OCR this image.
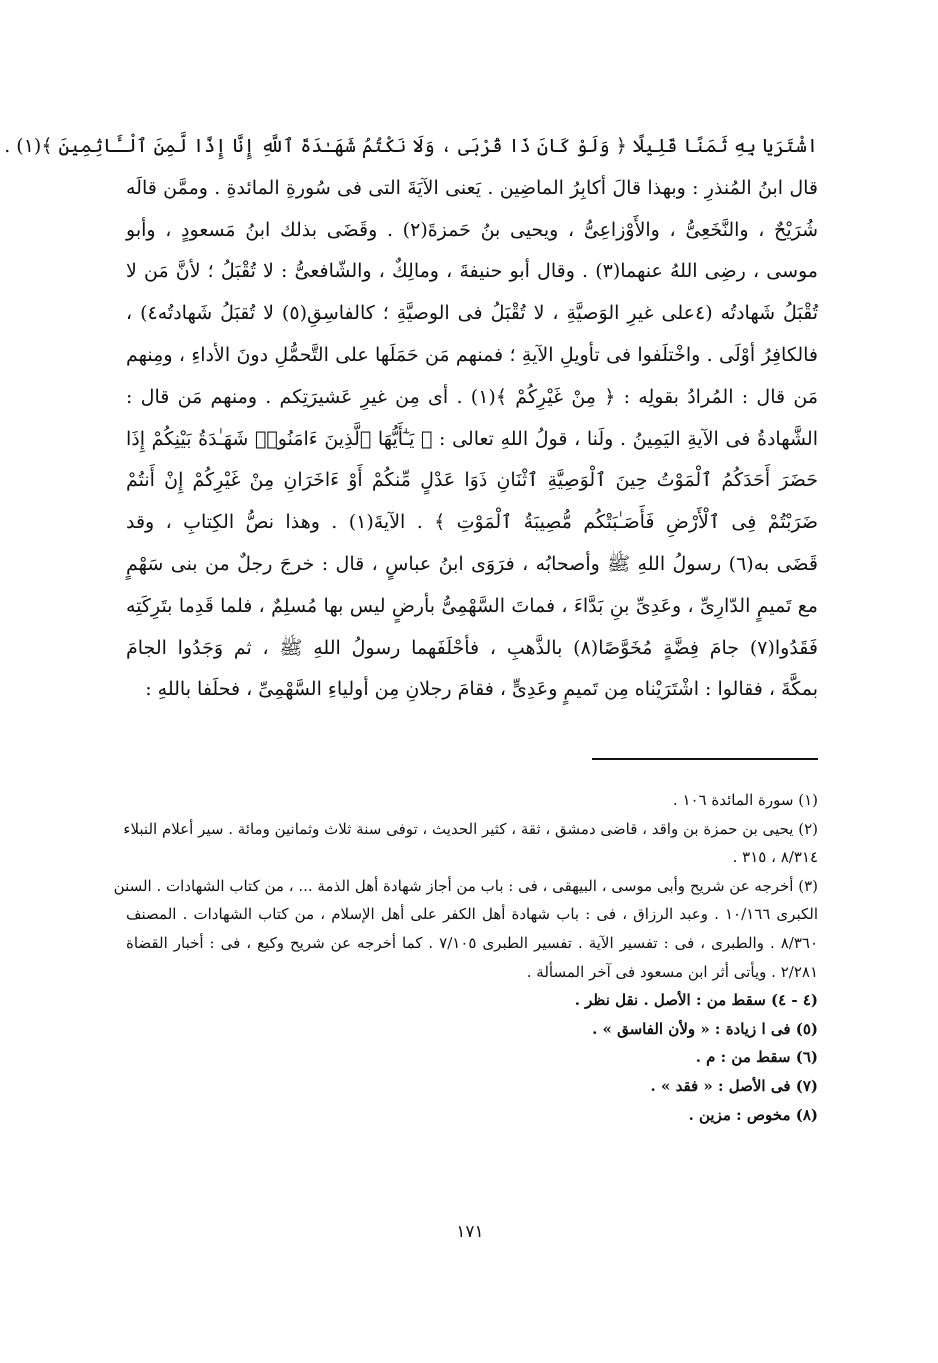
اشْتَرَيا بِهِ ثَمَنًا قَلِيلًا ﴿ وَلَوْ كَانَ ذَا قُرْبَى ، وَلَا نَكْتُمُ شَهَـٰدَةَ ٱللَّهِ إِنَّا إِذًا لَّمِنَ ٱلْـَٔاثِمِينَ ﴾(١) .
قال ابنُ المُنذرِ : وبهذا قالَ أكابِرُ الماضِين . يَعنى الآيَةَ التى فى سُورةِ المائدةِ . وممَّن قالَه
شُرَيْحٌ ، والنَّخَعِىُّ ، والأَوْزاعِىُّ ، ويحيى بنُ حَمزةَ(٢) . وقَضَى بذلك ابنُ مَسعودٍ ، وأبو
موسى ، رضِى اللهُ عنهما(٣) . وقال أبو حنيفةَ ، ومالِكٌ ، والشّافعىُّ : لا تُقْبَلُ ؛ لأنَّ مَن لا
تُقْبَلُ شَهادتُه (٤على غيرِ الوَصيَّةِ ، لا تُقْبَلُ فى الوصيَّةِ ؛ كالفاسِقِ(٥) لا تُقبَلُ شَهادتُه٤) ،
فالكافِرُ أوْلَى . واخْتلَفوا فى تأويلِ الآيةِ ؛ فمنهم مَن حَمَلَها على التَّحمُّلِ دونَ الأداءِ ، ومِنهم
مَن قال : المُرادُ بقولِه : ﴿ مِنْ غَيْرِكُمْ ﴾(١) . أى مِن غيرِ عَشيرَتِكم . ومنهم مَن قال :
الشَّهادةُ فى الآيةِ اليَمِينُ . ولَنا ، قولُ اللهِ تعالى : ﴿ يَـٰٓأَيُّهَا ٱلَّذِينَ ءَامَنُوا۟ شَهَـٰدَةُ بَيْنِكُمْ إِذَا
حَضَرَ أَحَدَكُمُ ٱلْمَوْتُ حِينَ ٱلْوَصِيَّةِ ٱثْنَانِ ذَوَا عَدْلٍ مِّنكُمْ أَوْ ءَاخَرَانِ مِنْ غَيْرِكُمْ إِنْ أَنتُمْ
ضَرَبْتُمْ فِى ٱلْأَرْضِ فَأَصَـٰبَتْكُم مُّصِيبَةُ ٱلْمَوْتِ ﴾ . الآيةَ(١) . وهذا نصُّ الكِتابِ ، وقد
قَضَى به(٦) رسولُ اللهِ ﷺ وأصحابُه ، فرَوَى ابنُ عباسٍ ، قال : خرجَ رجلٌ من بنى سَهْمٍ
مع تَميمٍ الدّارِىِّ ، وعَدِىِّ بنِ بَدَّاءَ ، فماتَ السَّهْمِىُّ بأرضٍ ليس بها مُسلِمٌ ، فلما قَدِما بتَرِكَتِه
فَقَدُوا(٧) جامَ فِضَّةٍ مُخَوَّصًا(٨) بالذَّهبِ ، فأحْلَفَهما رسولُ اللهِ ﷺ ، ثم وَجَدُوا الجامَ
بمكَّةَ ، فقالوا : اشْتَرَيْناه مِن تَميمٍ وعَدِىٍّ ، فقامَ رجلانِ مِن أولياءِ السَّهْمِىِّ ، فحلَفا باللهِ :
(١) سورة المائدة ١٠٦ .
(٢) يحيى بن حمزة بن واقد ، قاضى دمشق ، ثقة ، كثير الحديث ، توفى سنة ثلاث وثمانين ومائة . سير أعلام النبلاء
٨/٣١٤ ، ٣١٥ .
(٣) أخرجه عن شريح وأبى موسى ، البيهقى ، فى : باب من أجاز شهادة أهل الذمة ... ، من كتاب الشهادات . السنن
الكبرى ١٠/١٦٦ . وعبد الرزاق ، فى : باب شهادة أهل الكفر على أهل الإسلام ، من كتاب الشهادات . المصنف
٨/٣٦٠ . والطبرى ، فى : تفسير الآية . تفسير الطبرى ٧/١٠٥ . كما أخرجه عن شريح وكيع ، فى : أخبار القضاة
٢/٢٨١ . ويأتى أثر ابن مسعود فى آخر المسألة .
(٤ - ٤) سقط من : الأصل . نقل نظر .
(٥) فى ا زيادة : « ولأن الفاسق » .
(٦) سقط من : م .
(٧) فى الأصل : « فقد » .
(٨) مخوص : مزين .
١٧١
